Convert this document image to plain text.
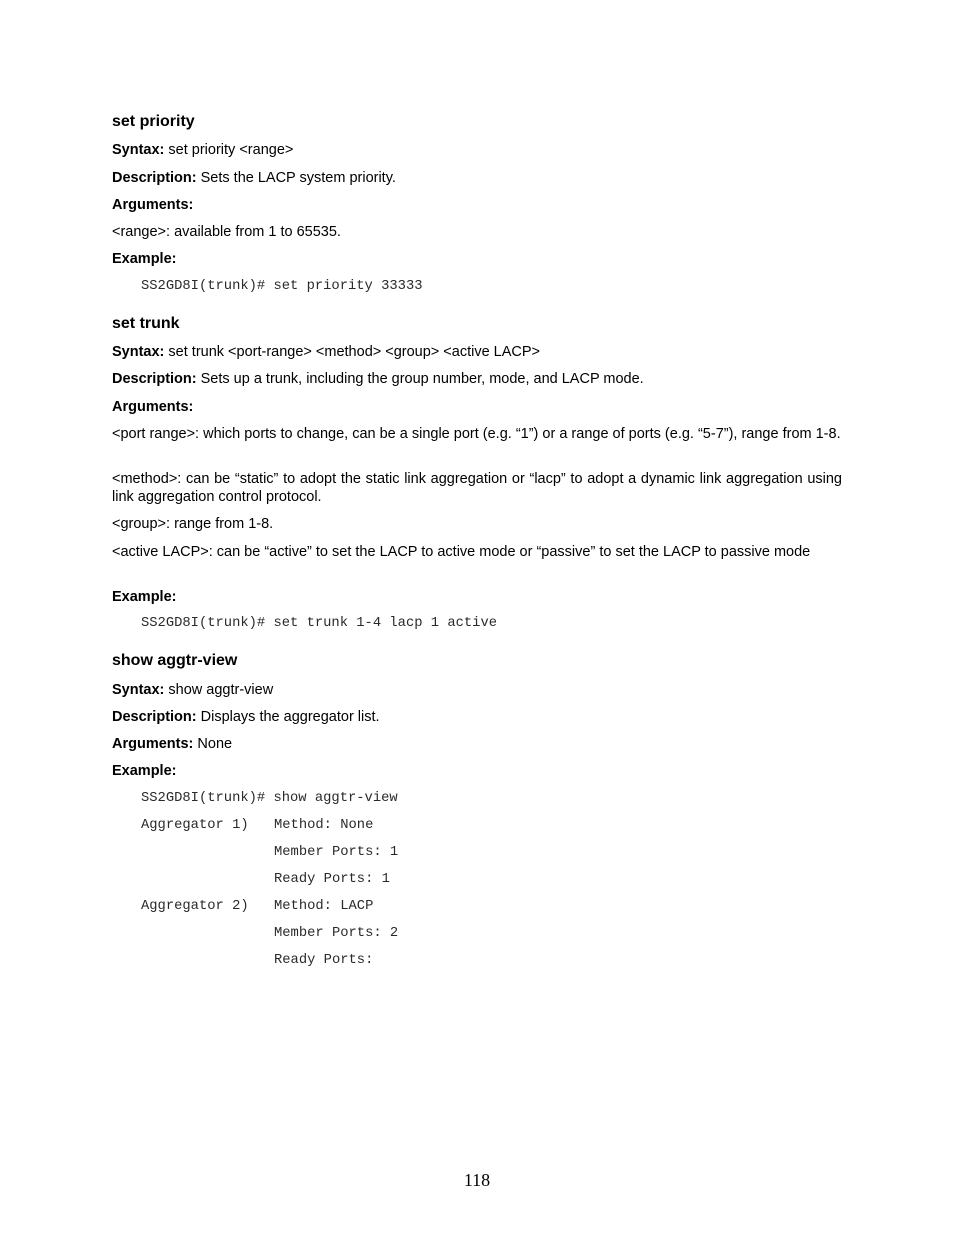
set priority
Syntax: set priority <range>
Description: Sets the LACP system priority.
Arguments:
<range>: available from 1 to 65535.
Example:
SS2GD8I(trunk)# set priority 33333
set trunk
Syntax: set trunk <port-range> <method> <group> <active LACP>
Description: Sets up a trunk, including the group number, mode, and LACP mode.
Arguments:
<port range>: which ports to change, can be a single port (e.g. “1”) or a range of ports (e.g. “5-7”), range from 1-8.
<method>: can be “static” to adopt the static link aggregation or “lacp” to adopt a dynamic link aggregation using link aggregation control protocol.
<group>: range from 1-8.
<active LACP>: can be “active” to set the LACP to active mode or “passive” to set the LACP to passive mode
Example:
SS2GD8I(trunk)# set trunk 1-4 lacp 1 active
show aggtr-view
Syntax: show aggtr-view
Description: Displays the aggregator list.
Arguments: None
Example:
SS2GD8I(trunk)# show aggtr-view
Aggregator 1) Method: None
Member Ports: 1
Ready Ports: 1
Aggregator 2) Method: LACP
Member Ports: 2
Ready Ports:
118
